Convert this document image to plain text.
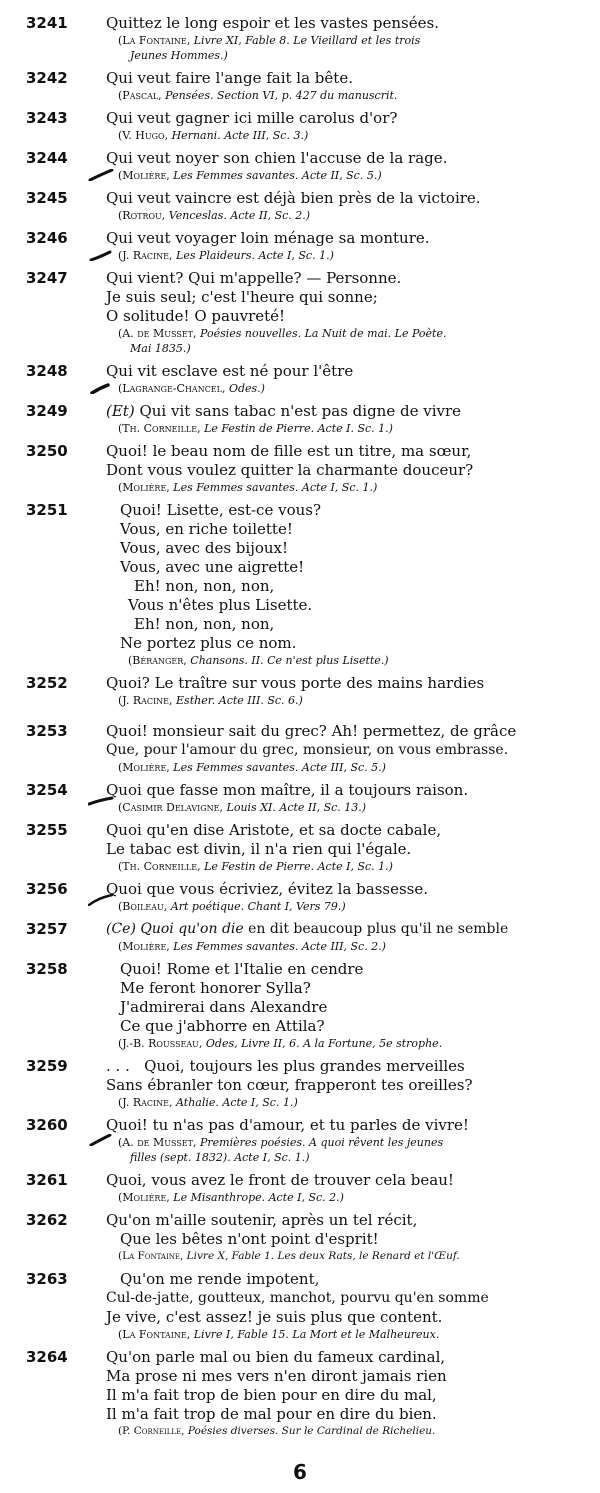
3241	Quittez le long espoir et les vastes pensées.
(La Fontaine, Livre XI, Fable 8. Le Vieillard et les trois
Jeunes Hommes.)
3242	Qui veut faire l'ange fait la bête.
(Pascal, Pensées. Section VI, p. 427 du manuscrit.
3243	Qui veut gagner ici mille carolus d'or?
(V. Hugo, Hernani. Acte III, Sc. 3.)
3244	Qui veut noyer son chien l'accuse de la rage.
(Molière, Les Femmes savantes. Acte II, Sc. 5.)
3245	Qui veut vaincre est déjà bien près de la victoire.
(Rotrou, Venceslas. Acte II, Sc. 2.)
3246	Qui veut voyager loin ménage sa monture.
(J. Racine, Les Plaideurs. Acte I, Sc. 1.)
3247	Qui vient? Qui m'appelle? — Personne.
Je suis seul; c'est l'heure qui sonne;
O solitude! O pauvreté!
(A. de Musset, Poésies nouvelles. La Nuit de mai. Le Poète.
Mai 1835.)
3248	Qui vit esclave est né pour l'être
(Lagrange-Chancel, Odes.)
3249	(Et) Qui vit sans tabac n'est pas digne de vivre
(Th. Corneille, Le Festin de Pierre. Acte I. Sc. 1.)
3250	Quoi! le beau nom de fille est un titre, ma sœur,
Dont vous voulez quitter la charmante douceur?
(Molière, Les Femmes savantes. Acte I, Sc. 1.)
3251	Quoi! Lisette, est-ce vous?
Vous, en riche toilette!
Vous, avec des bijoux!
Vous, avec une aigrette!
Eh! non, non, non,
Vous n'êtes plus Lisette.
Eh! non, non, non,
Ne portez plus ce nom.
(Béranger, Chansons. II. Ce n'est plus Lisette.)
3252	Quoi? Le traître sur vous porte des mains hardies
(J. Racine, Esther. Acte III. Sc. 6.)
3253	Quoi! monsieur sait du grec? Ah! permettez, de grâce
Que, pour l'amour du grec, monsieur, on vous embrasse.
(Molière, Les Femmes savantes. Acte III, Sc. 5.)
3254	Quoi que fasse mon maître, il a toujours raison.
(Casimir Delavigne, Louis XI. Acte II, Sc. 13.)
3255	Quoi qu'en dise Aristote, et sa docte cabale,
Le tabac est divin, il n'a rien qui l'égale.
(Th. Corneille, Le Festin de Pierre. Acte I, Sc. 1.)
3256	Quoi que vous écriviez, évitez la bassesse.
(Boileau, Art poétique. Chant I, Vers 79.)
3257	(Ce) Quoi qu'on die en dit beaucoup plus qu'il ne semble
(Molière, Les Femmes savantes. Acte III, Sc. 2.)
3258	Quoi! Rome et l'Italie en cendre
Me feront honorer Sylla?
J'admirerai dans Alexandre
Ce que j'abhorre en Attila?
(J.-B. Rousseau, Odes, Livre II, 6. A la Fortune, 5e strophe.
3259	. . .   Quoi, toujours les plus grandes merveilles
Sans ébranler ton cœur, frapperont tes oreilles?
(J. Racine, Athalie. Acte I, Sc. 1.)
3260	Quoi! tu n'as pas d'amour, et tu parles de vivre!
(A. de Musset, Premières poésies. A quoi rêvent les jeunes
filles (sept. 1832). Acte I, Sc. 1.)
3261	Quoi, vous avez le front de trouver cela beau!
(Molière, Le Misanthrope. Acte I, Sc. 2.)
3262	Qu'on m'aille soutenir, après un tel récit,
Que les bêtes n'ont point d'esprit!
(La Fontaine, Livre X, Fable 1. Les deux Rats, le Renard et l'Œuf.
3263	Qu'on me rende impotent,
Cul-de-jatte, goutteux, manchot, pourvu qu'en somme
Je vive, c'est assez! je suis plus que content.
(La Fontaine, Livre I, Fable 15. La Mort et le Malheureux.
3264	Qu'on parle mal ou bien du fameux cardinal,
Ma prose ni mes vers n'en diront jamais rien
Il m'a fait trop de bien pour en dire du mal,
Il m'a fait trop de mal pour en dire du bien.
(P. Corneille, Poésies diverses. Sur le Cardinal de Richelieu.
6
